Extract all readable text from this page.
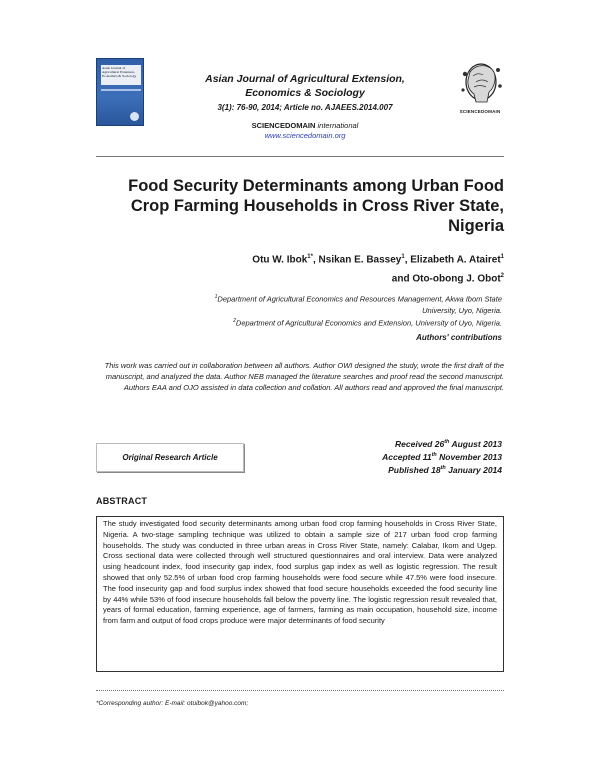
Asian Journal of Agricultural Extension, Economics & Sociology	Asian Journal of Agricultural Extension,
Economics & Sociology
3(1): 76-90, 2014; Article no. AJAEES.2014.007
SCIENCEDOMAIN international
www.sciencedomain.org
SCIENCEDOMAIN
Food Security Determinants among Urban Food
Crop Farming Households in Cross River State,
Nigeria
Otu W. Ibok$^{1*}$, Nsikan E. Bassey$^1$, Elizabeth A. Atairet$^1$
and Oto-obong J. Obot$^2$
$^1$Department of Agricultural Economics and Resources Management, Akwa Ibom State
University, Uyo, Nigeria.
$^2$Department of Agricultural Economics and Extension, University of Uyo, Nigeria.
Authors' contributions
This work was carried out in collaboration between all authors. Author OWI designed the study, wrote the first draft of the manuscript, and analyzed the data. Author NEB managed the literature searches and proof read the second manuscript. Authors EAA and OJO assisted in data collection and collation. All authors read and approved the final manuscript.
Original Research Article
Received 26th August 2013
Accepted 11th November 2013
Published 18th January 2014
ABSTRACT

The study investigated food security determinants among urban food crop farming households in Cross River State, Nigeria. A two-stage sampling technique was utilized to obtain a sample size of 217 urban food crop farming households. The study was conducted in three urban areas in Cross River State, namely: Calabar, Ikom and Ugep. Cross sectional data were collected through well structured questionnaires and oral interview. Data were analyzed using headcount index, food insecurity gap index, food surplus gap index as well as logistic regression. The result showed that only 52.5% of urban food crop farming households were food secure while 47.5% were food insecure. The food insecurity gap and food surplus index showed that food secure households exceeded the food security line by 44% while 53% of food insecure households fall below the poverty line. The logistic regression result revealed that, years of formal education, farming experience, age of farmers, farming as main occupation, household size, income from farm and output of food crops produce were major determinants of food security

*Corresponding author: E-mail: otuibok@yahoo.com;
